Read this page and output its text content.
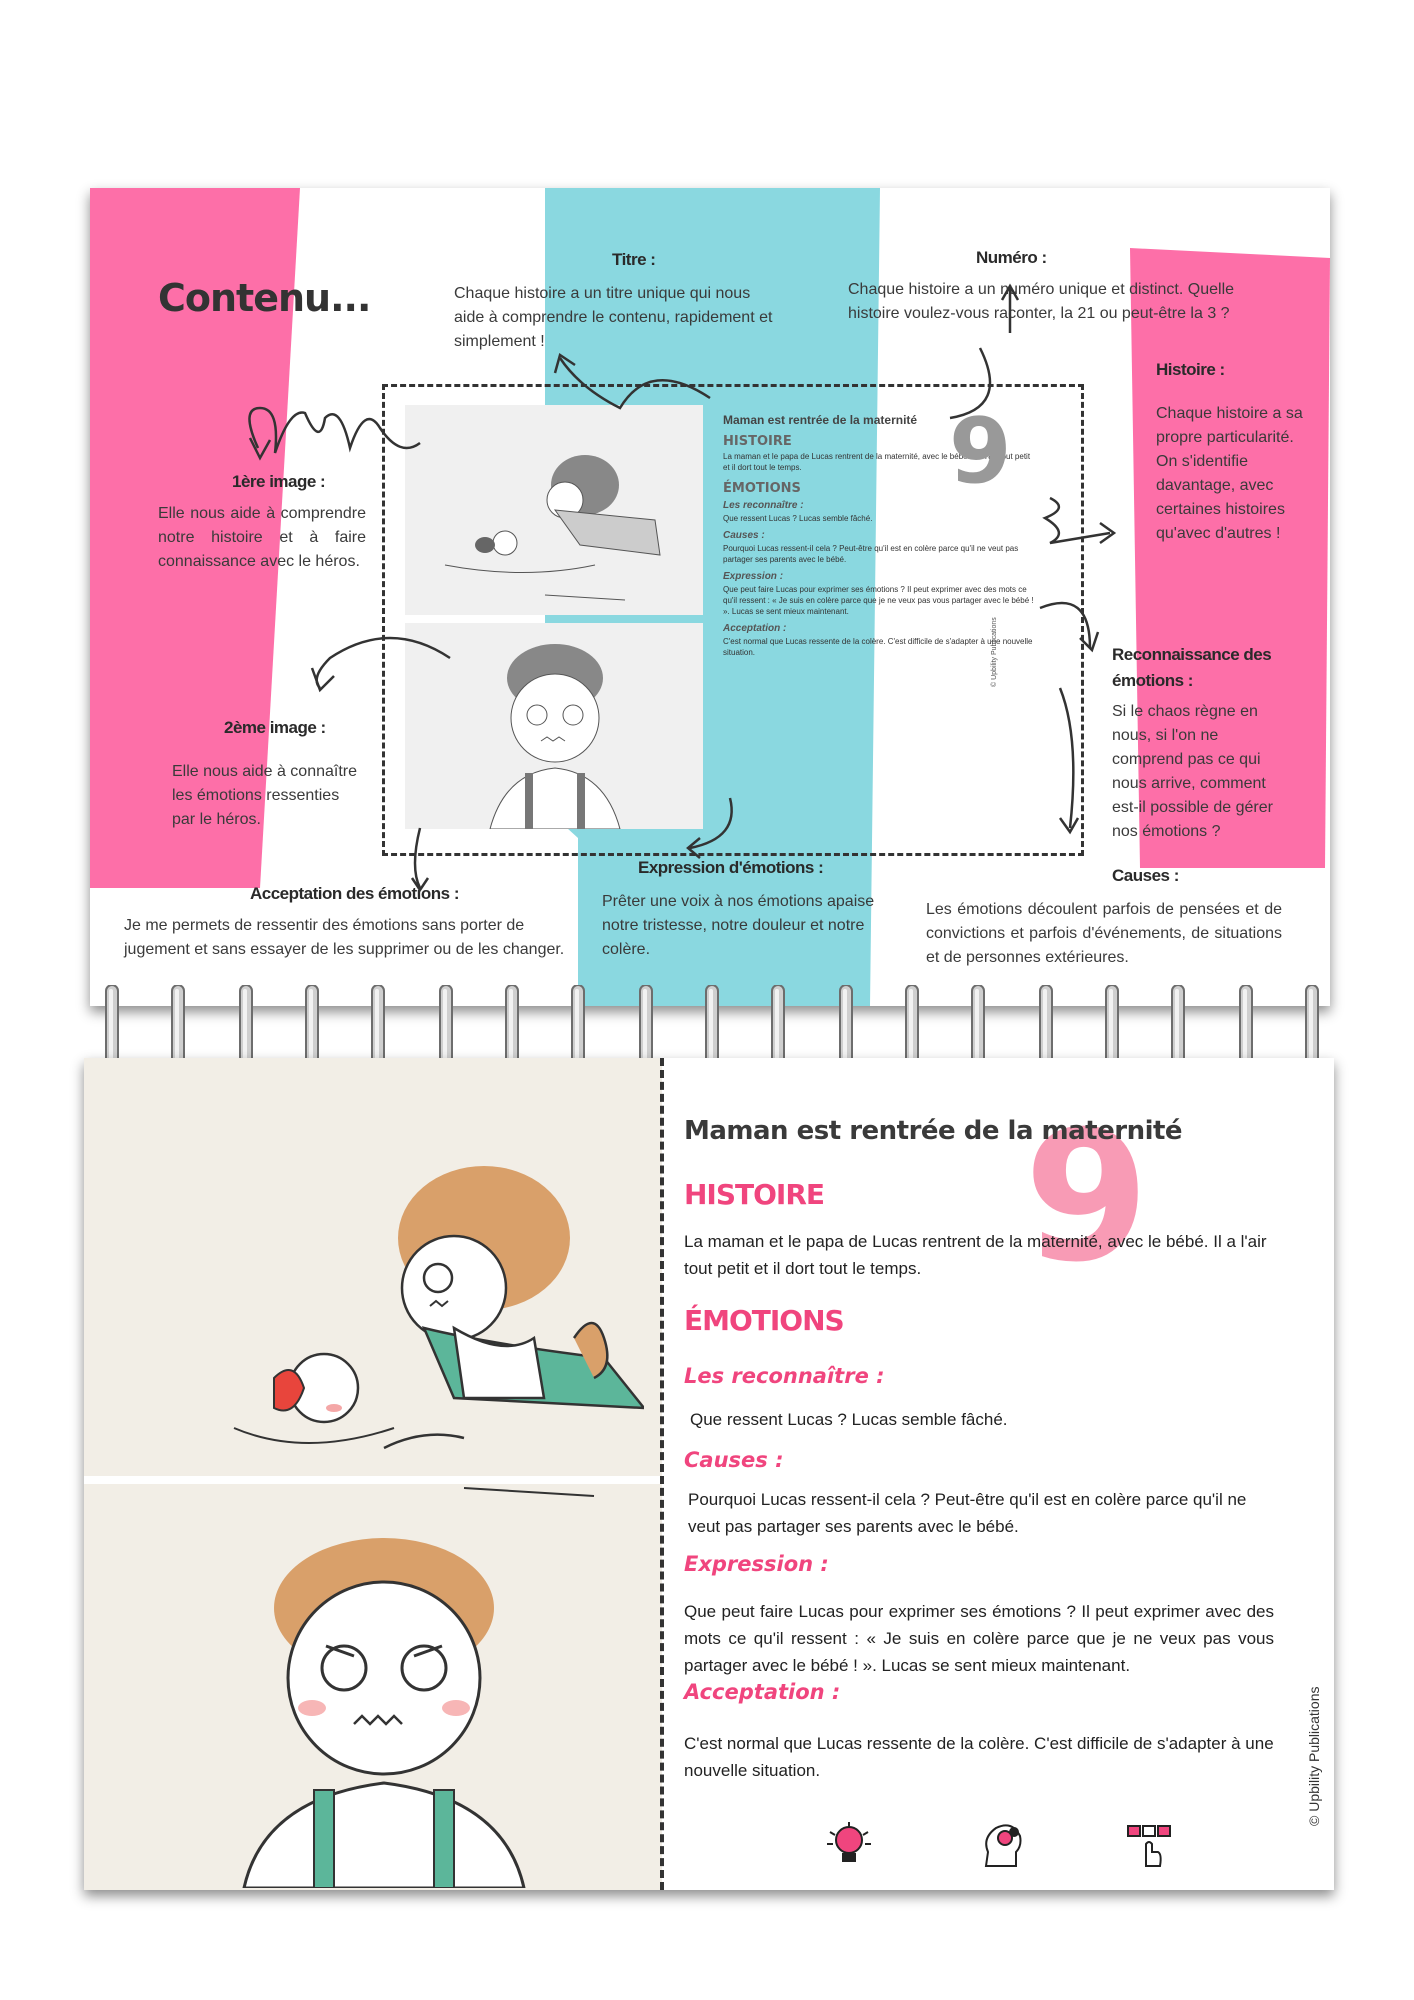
Contenu...
Titre :
Chaque histoire a un titre unique qui nous aide à comprendre le contenu, rapidement et simplement !
Numéro :
Chaque histoire a un numéro unique et distinct. Quelle histoire voulez-vous raconter, la 21 ou peut-être la 3 ?
Histoire :
Chaque histoire a sa propre particularité. On s'identifie davantage, avec certaines histoires qu'avec d'autres !
1ère image :
Elle nous aide à comprendre notre histoire et à faire connaissance avec le héros.
2ème image :
Elle nous aide à connaître les émotions ressenties par le héros.
Reconnaissance des émotions :
Si le chaos règne en nous, si l'on ne comprend pas ce qui nous arrive, comment est-il possible de gérer nos émotions ?
Causes :
Les émotions découlent parfois de pensées et de convictions et parfois d'événements, de situations et de personnes extérieures.
Expression d'émotions :
Prêter une voix à nos émotions apaise notre tristesse, notre douleur et notre colère.
Acceptation des émotions :
Je me permets de ressentir des émotions sans porter de jugement et sans essayer de les supprimer ou de les changer.
Maman est rentrée de la maternité
HISTOIRE
La maman et le papa de Lucas rentrent de la maternité, avec le bébé. Il a l'air tout petit et il dort tout le temps.
ÉMOTIONS
Les reconnaître :
Que ressent Lucas ? Lucas semble fâché.
Causes :
Pourquoi Lucas ressent-il cela ? Peut-être qu'il est en colère parce qu'il ne veut pas partager ses parents avec le bébé.
Expression :
Que peut faire Lucas pour exprimer ses émotions ? Il peut exprimer avec des mots ce qu'il ressent : « Je suis en colère parce que je ne veux pas vous partager avec le bébé ! ». Lucas se sent mieux maintenant.
Acceptation :
C'est normal que Lucas ressente de la colère. C'est difficile de s'adapter à une nouvelle situation.
9
© Upbility Publications
9
Maman est rentrée de la maternité
HISTOIRE
La maman et le papa de Lucas rentrent de la maternité, avec le bébé. Il a l'air tout petit et il dort tout le temps.
ÉMOTIONS
Les reconnaître :
Que ressent Lucas ? Lucas semble fâché.
Causes :
Pourquoi Lucas ressent-il cela ? Peut-être qu'il est en colère parce qu'il ne veut pas partager ses parents avec le bébé.
Expression :
Que peut faire Lucas pour exprimer ses émotions ? Il peut exprimer avec des mots ce qu'il ressent : « Je suis en colère parce que je ne veux pas vous partager avec le bébé ! ». Lucas se sent mieux maintenant.
Acceptation :
C'est normal que Lucas ressente de la colère. C'est difficile de s'adapter à une nouvelle situation.	© Upbility Publications
